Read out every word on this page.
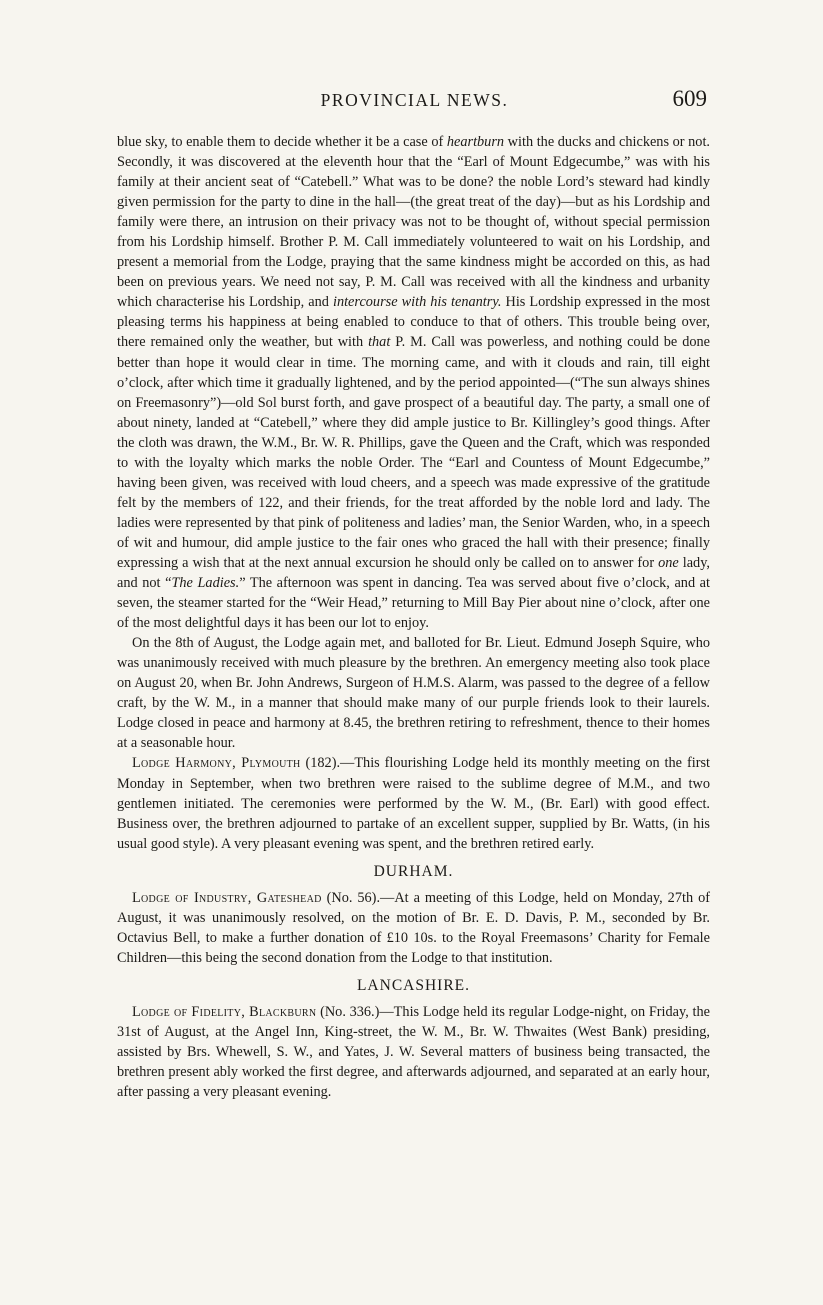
PROVINCIAL NEWS.	609

blue sky, to enable them to decide whether it be a case of heartburn with the ducks and chickens or not. Secondly, it was discovered at the eleventh hour that the “Earl of Mount Edgecumbe,” was with his family at their ancient seat of “Catebell.” What was to be done? the noble Lord’s steward had kindly given permission for the party to dine in the hall—(the great treat of the day)—but as his Lordship and family were there, an intrusion on their privacy was not to be thought of, without special permission from his Lordship himself. Brother P. M. Call immediately volunteered to wait on his Lordship, and present a memorial from the Lodge, praying that the same kindness might be accorded on this, as had been on previous years. We need not say, P. M. Call was received with all the kindness and urbanity which characterise his Lordship, and intercourse with his tenantry. His Lordship expressed in the most pleasing terms his happiness at being enabled to conduce to that of others. This trouble being over, there remained only the weather, but with that P. M. Call was powerless, and nothing could be done better than hope it would clear in time. The morning came, and with it clouds and rain, till eight o’clock, after which time it gradually lightened, and by the period appointed—(“The sun always shines on Freemasonry”)—old Sol burst forth, and gave prospect of a beautiful day. The party, a small one of about ninety, landed at “Catebell,” where they did ample justice to Br. Killingley’s good things. After the cloth was drawn, the W.M., Br. W. R. Phillips, gave the Queen and the Craft, which was responded to with the loyalty which marks the noble Order. The “Earl and Countess of Mount Edgecumbe,” having been given, was received with loud cheers, and a speech was made expressive of the gratitude felt by the members of 122, and their friends, for the treat afforded by the noble lord and lady. The ladies were represented by that pink of politeness and ladies’ man, the Senior Warden, who, in a speech of wit and humour, did ample justice to the fair ones who graced the hall with their presence; finally expressing a wish that at the next annual excursion he should only be called on to answer for one lady, and not “The Ladies.” The afternoon was spent in dancing. Tea was served about five o’clock, and at seven, the steamer started for the “Weir Head,” returning to Mill Bay Pier about nine o’clock, after one of the most delightful days it has been our lot to enjoy.

On the 8th of August, the Lodge again met, and balloted for Br. Lieut. Edmund Joseph Squire, who was unanimously received with much pleasure by the brethren. An emergency meeting also took place on August 20, when Br. John Andrews, Surgeon of H.M.S. Alarm, was passed to the degree of a fellow craft, by the W. M., in a manner that should make many of our purple friends look to their laurels. Lodge closed in peace and harmony at 8.45, the brethren retiring to refreshment, thence to their homes at a seasonable hour.

Lodge Harmony, Plymouth (182).—This flourishing Lodge held its monthly meeting on the first Monday in September, when two brethren were raised to the sublime degree of M.M., and two gentlemen initiated. The ceremonies were performed by the W. M., (Br. Earl) with good effect. Business over, the brethren adjourned to partake of an excellent supper, supplied by Br. Watts, (in his usual good style). A very pleasant evening was spent, and the brethren retired early.

DURHAM.

Lodge of Industry, Gateshead (No. 56).—At a meeting of this Lodge, held on Monday, 27th of August, it was unanimously resolved, on the motion of Br. E. D. Davis, P. M., seconded by Br. Octavius Bell, to make a further donation of £10 10s. to the Royal Freemasons’ Charity for Female Children—this being the second donation from the Lodge to that institution.

LANCASHIRE.

Lodge of Fidelity, Blackburn (No. 336.)—This Lodge held its regular Lodge-night, on Friday, the 31st of August, at the Angel Inn, King-street, the W. M., Br. W. Thwaites (West Bank) presiding, assisted by Brs. Whewell, S. W., and Yates, J. W. Several matters of business being transacted, the brethren present ably worked the first degree, and afterwards adjourned, and separated at an early hour, after passing a very pleasant evening.
